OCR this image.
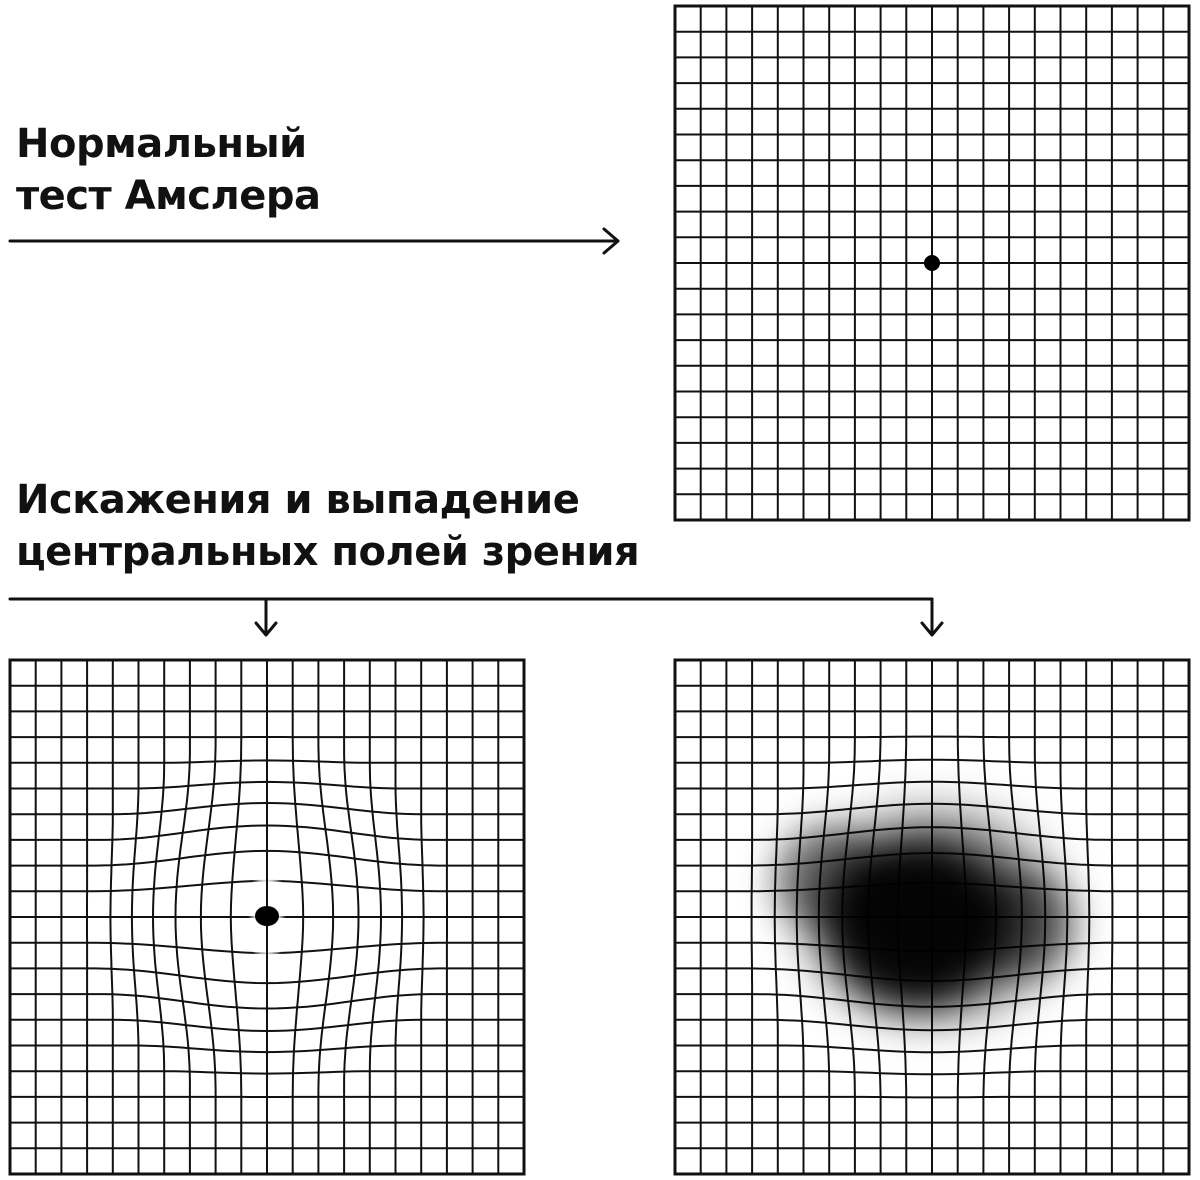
Нормальный
тест Амслера
Искажения и выпадение
центральных полей зрения
